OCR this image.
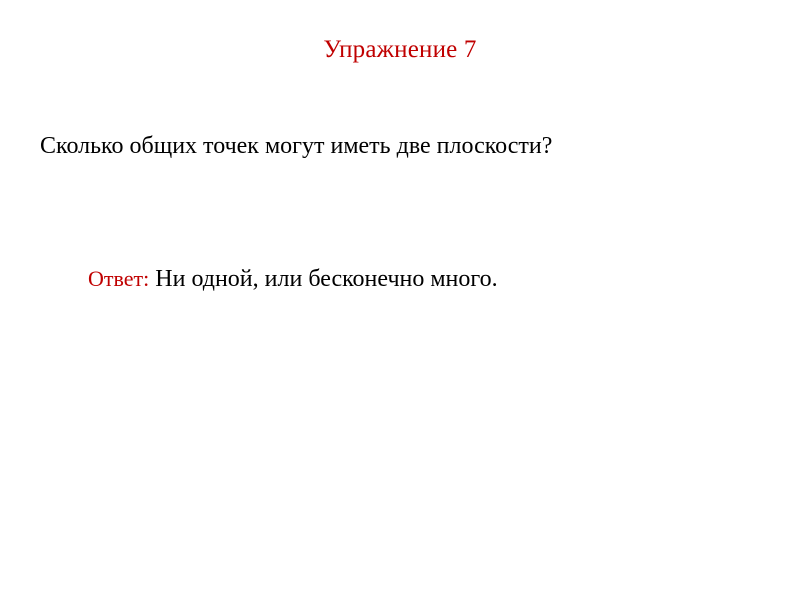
Упражнение 7
Сколько общих точек могут иметь две плоскости?
Ответ: Ни одной, или бесконечно много.
